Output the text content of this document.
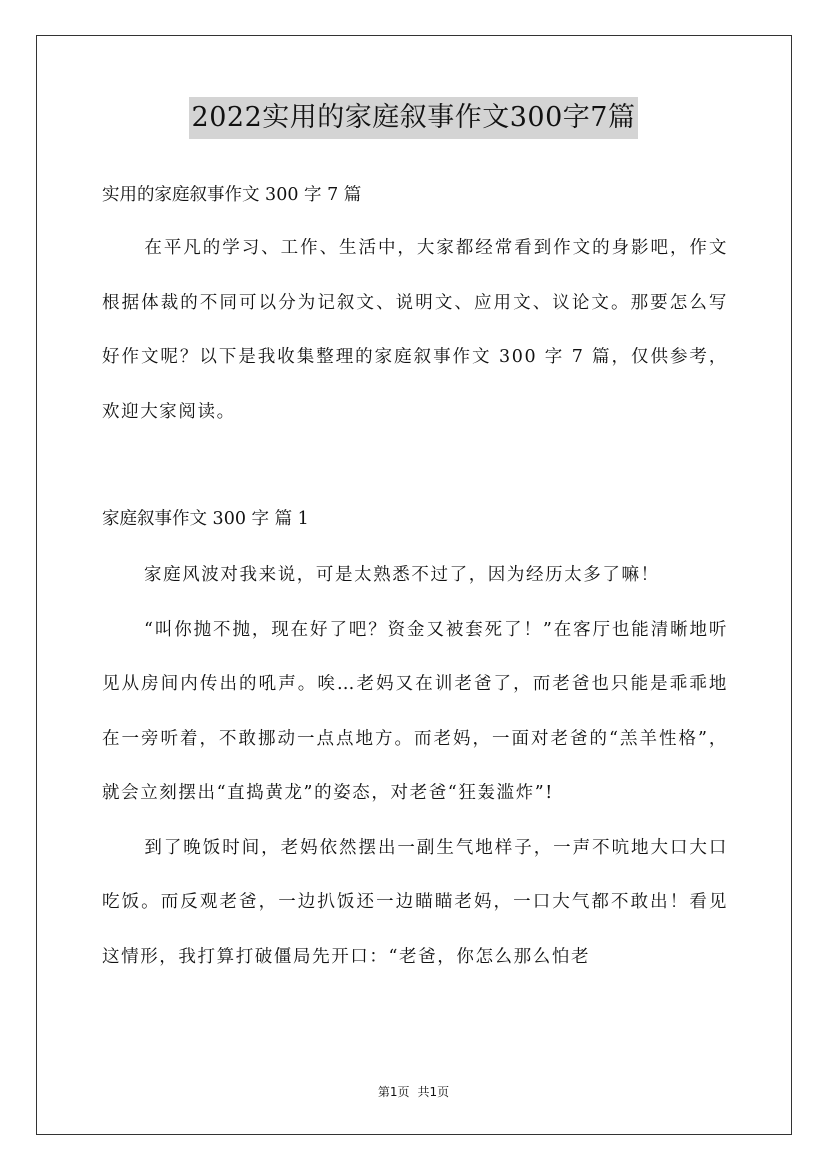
2022实用的家庭叙事作文300字7篇
实用的家庭叙事作文 300 字 7 篇
在平凡的学习、工作、生活中，大家都经常看到作文的身影吧，作文根据体裁的不同可以分为记叙文、说明文、应用文、议论文。那要怎么写好作文呢？以下是我收集整理的家庭叙事作文 300 字 7 篇，仅供参考，欢迎大家阅读。
家庭叙事作文 300 字 篇 1
家庭风波对我来说，可是太熟悉不过了，因为经历太多了嘛！
“叫你抛不抛，现在好了吧？资金又被套死了！”在客厅也能清晰地听见从房间内传出的吼声。唉…老妈又在训老爸了，而老爸也只能是乖乖地在一旁听着，不敢挪动一点点地方。而老妈，一面对老爸的“羔羊性格”，就会立刻摆出“直捣黄龙”的姿态，对老爸“狂轰滥炸”!
到了晚饭时间，老妈依然摆出一副生气地样子，一声不吭地大口大口吃饭。而反观老爸，一边扒饭还一边瞄瞄老妈，一口大气都不敢出！看见这情形，我打算打破僵局先开口：“老爸，你怎么那么怕老
第1页 共1页
